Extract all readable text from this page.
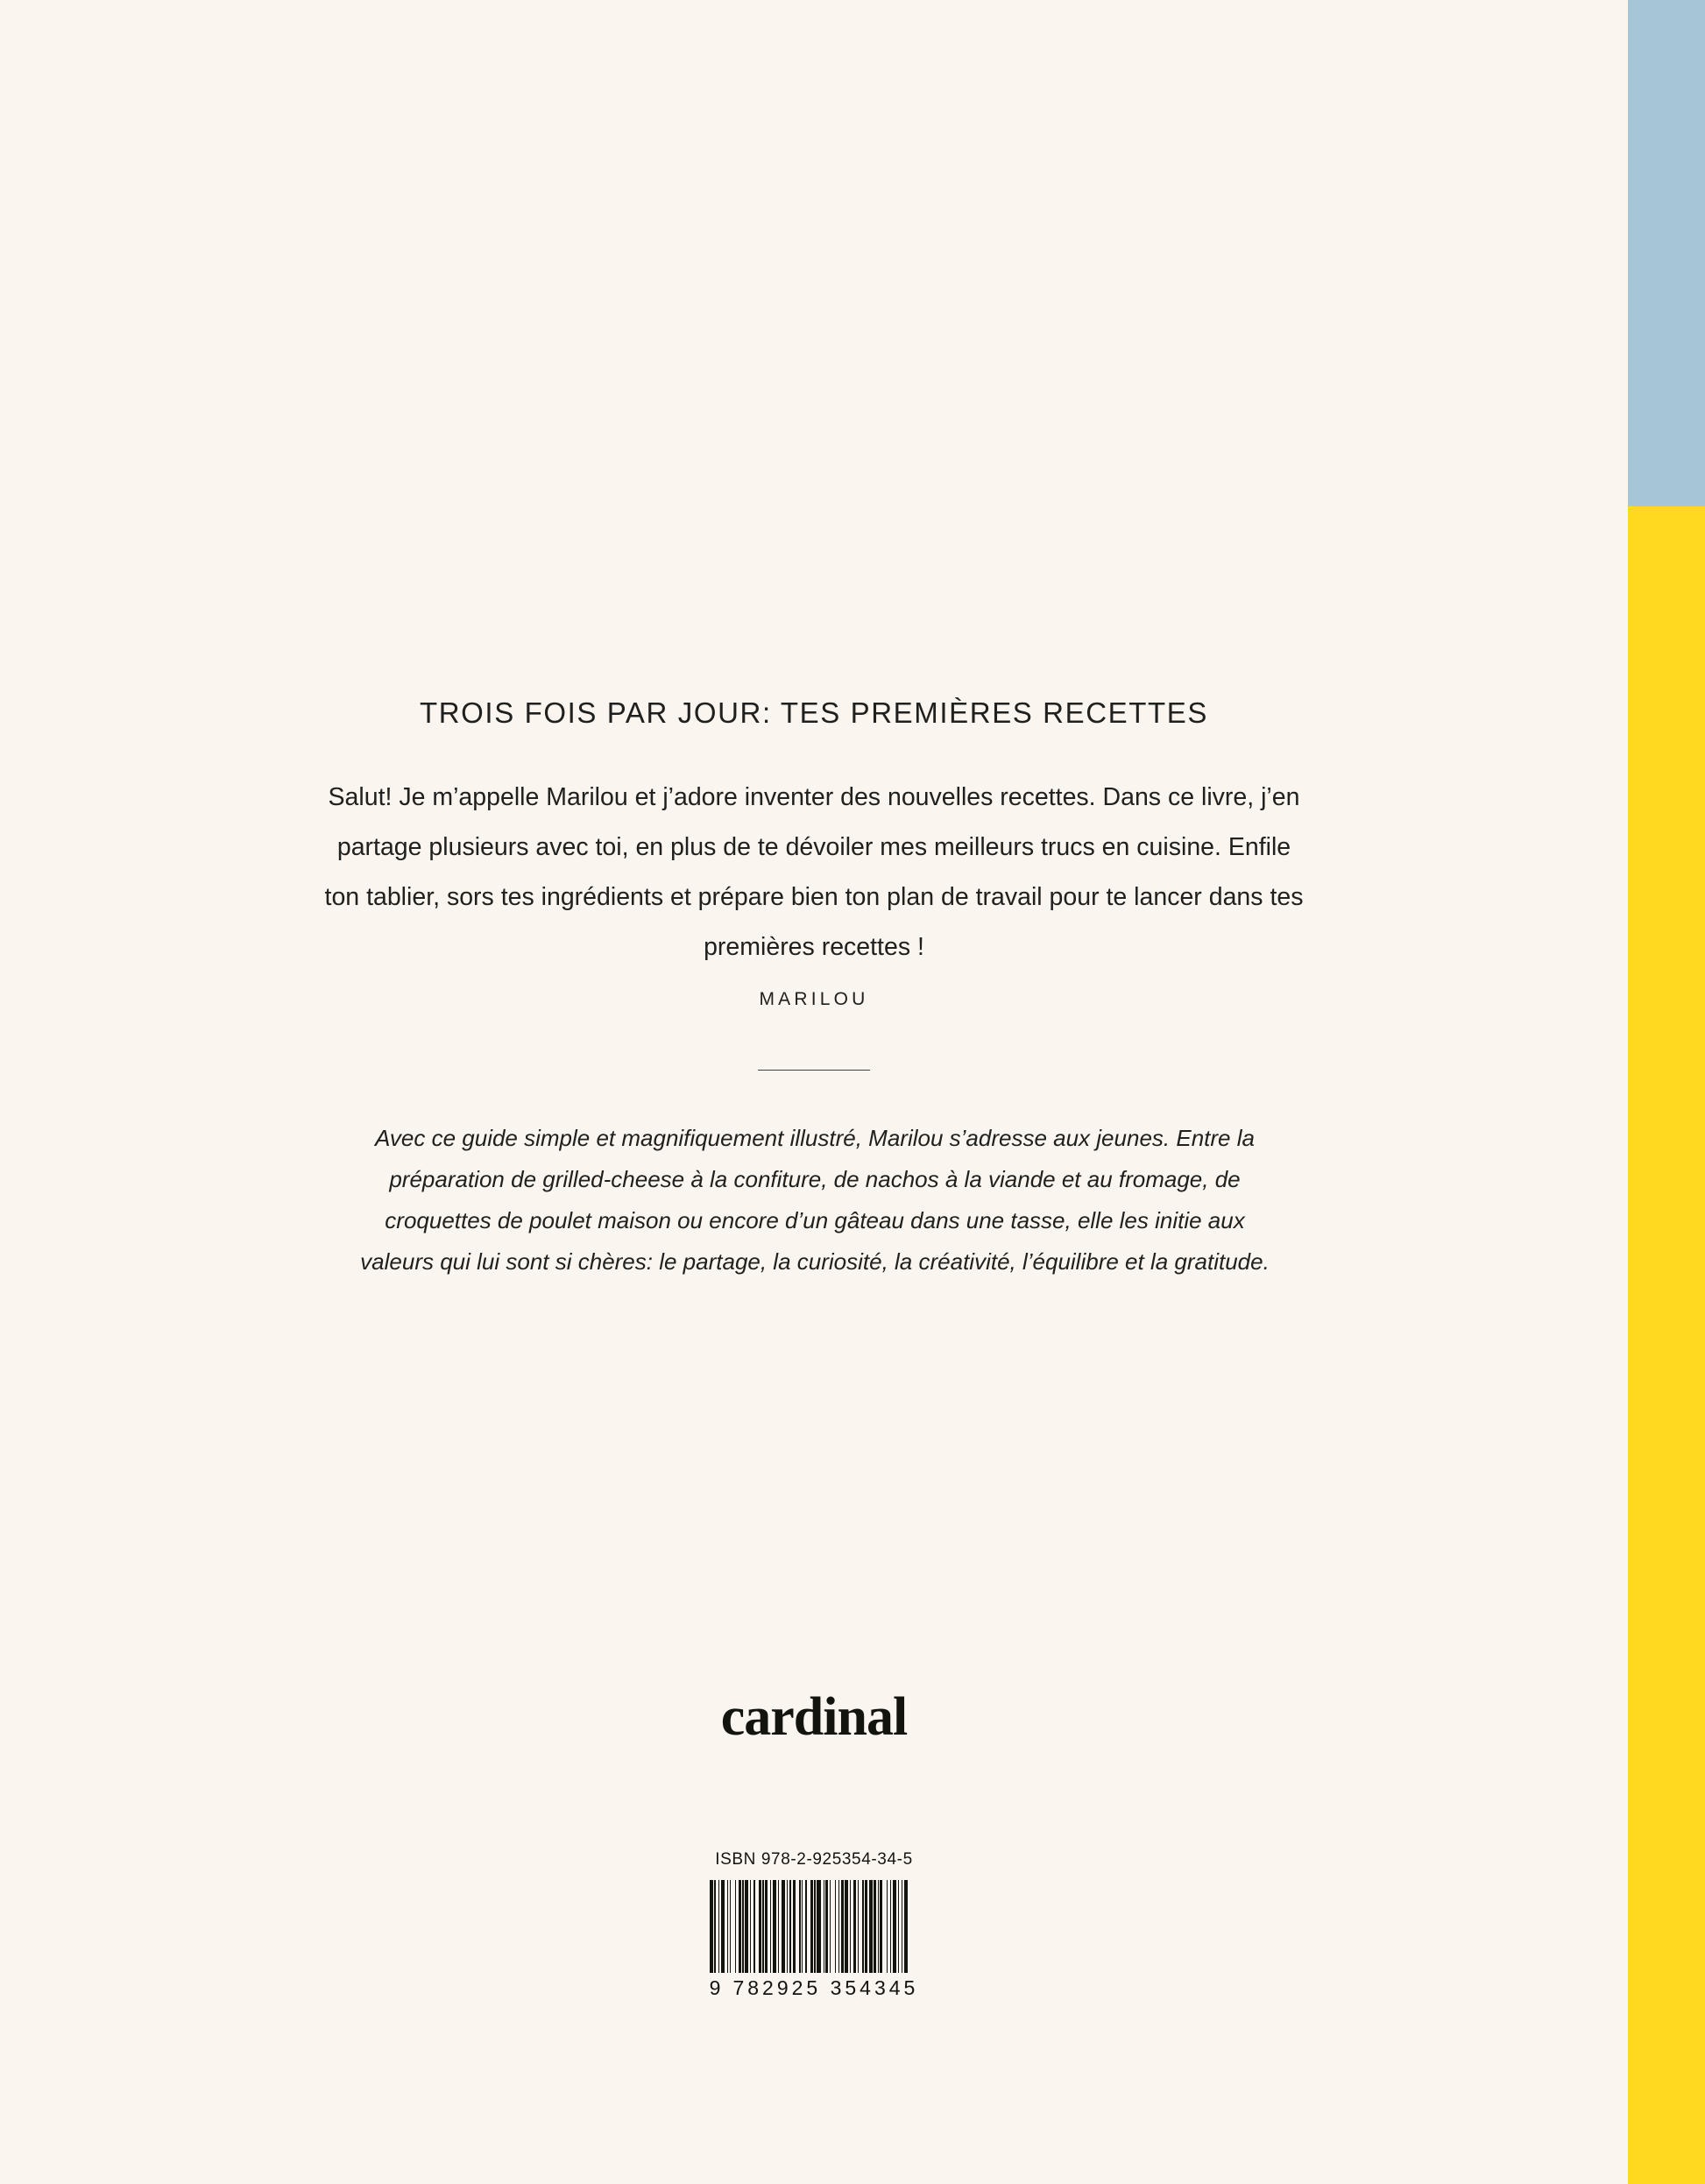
TROIS FOIS PAR JOUR: TES PREMIÈRES RECETTES
Salut! Je m’appelle Marilou et j’adore inventer des nouvelles recettes. Dans ce livre, j’en partage plusieurs avec toi, en plus de te dévoiler mes meilleurs trucs en cuisine. Enfile ton tablier, sors tes ingrédients et prépare bien ton plan de travail pour te lancer dans tes premières recettes !
MARILOU
Avec ce guide simple et magnifiquement illustré, Marilou s’adresse aux jeunes. Entre la préparation de grilled-cheese à la confiture, de nachos à la viande et au fromage, de croquettes de poulet maison ou encore d’un gâteau dans une tasse, elle les initie aux valeurs qui lui sont si chères: le partage, la curiosité, la créativité, l’équilibre et la gratitude.
cardinal
ISBN 978-2-925354-34-5
9 782925 354345
